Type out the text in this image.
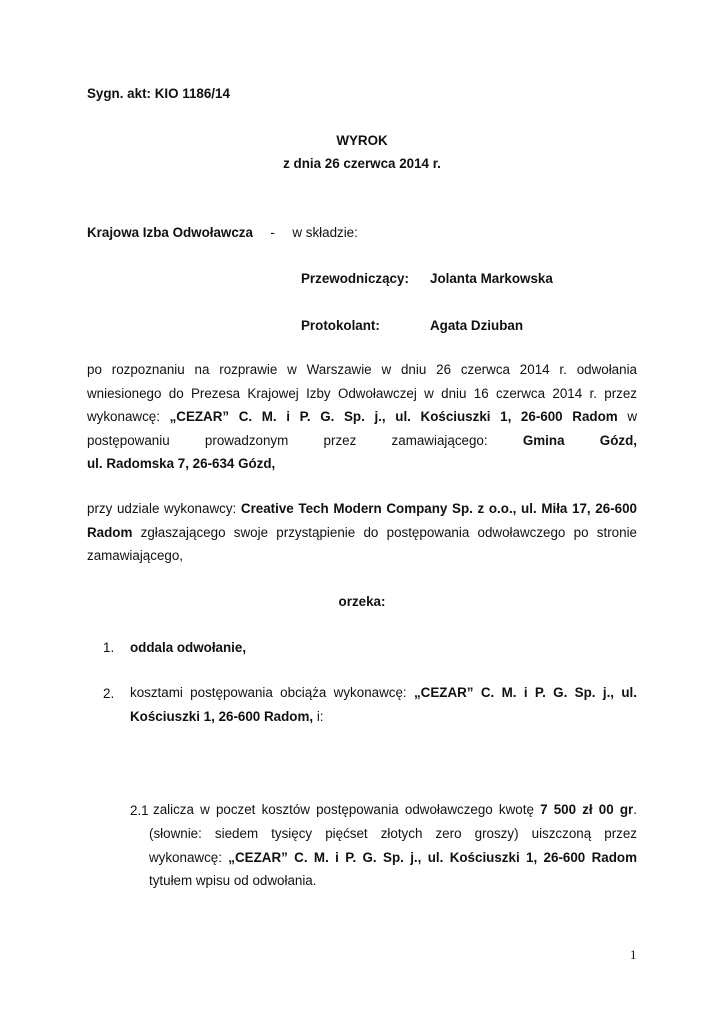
Sygn. akt: KIO 1186/14
WYROK
z dnia 26 czerwca 2014 r.
Krajowa Izba Odwoławcza - w składzie:
Przewodniczący: Jolanta Markowska
Protokolant:	Agata Dziuban
po rozpoznaniu na rozprawie w Warszawie w dniu 26 czerwca 2014 r. odwołania
wniesionego do Prezesa Krajowej Izby Odwoławczej w dniu 16 czerwca 2014 r. przez
wykonawcę: „CEZAR” C. M. i P. G. Sp. j., ul. Kościuszki 1, 26-600 Radom w
postępowaniu prowadzonym przez zamawiającego: Gmina Gózd,
ul. Radomska 7, 26-634 Gózd,
przy udziale wykonawcy: Creative Tech Modern Company Sp. z o.o., ul. Miła 17, 26-600
Radom zgłaszającego swoje przystąpienie do postępowania odwoławczego po stronie
zamawiającego,
orzeka:
1. oddala odwołanie,
2. kosztami postępowania obciąża wykonawcę: „CEZAR” C. M. i P. G. Sp. j., ul.
Kościuszki 1, 26-600 Radom, i:
2.1 zalicza w poczet kosztów postępowania odwoławczego kwotę 7 500 zł 00 gr.
(słownie: siedem tysięcy pięćset złotych zero groszy) uiszczoną przez
wykonawcę: „CEZAR” C. M. i P. G. Sp. j., ul. Kościuszki 1, 26-600 Radom
tytułem wpisu od odwołania.
1
